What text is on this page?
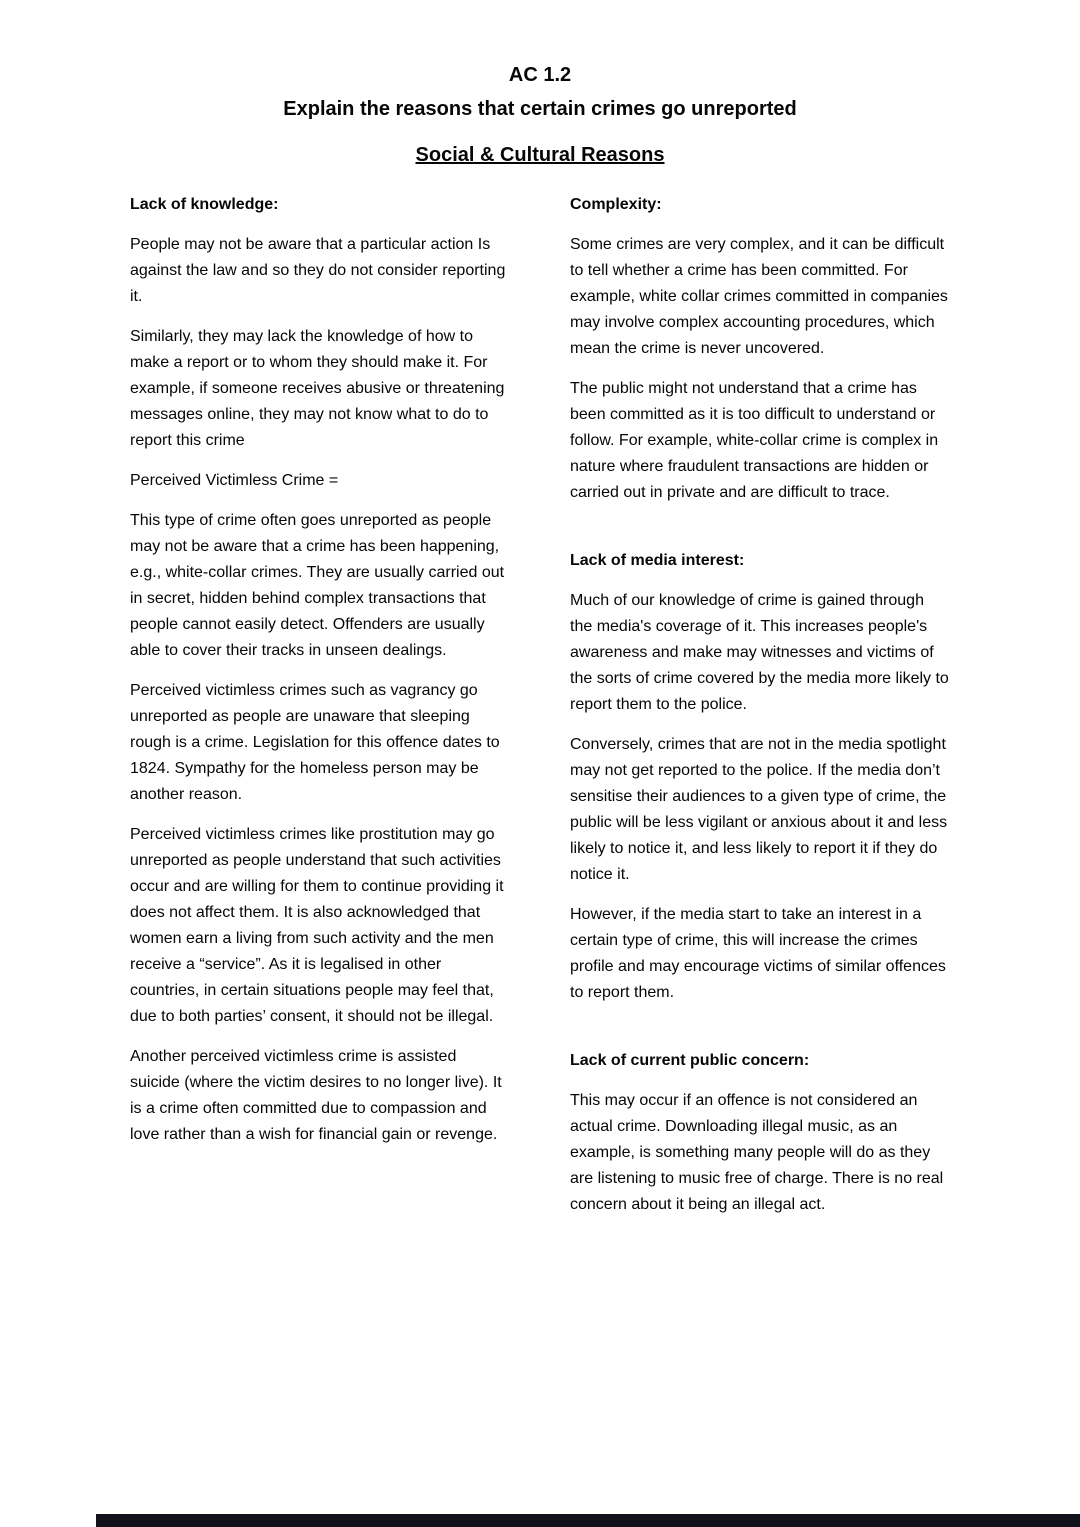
AC 1.2
Explain the reasons that certain crimes go unreported
Social & Cultural Reasons
Lack of knowledge:

People may not be aware that a particular action Is against the law and so they do not consider reporting it.

Similarly, they may lack the knowledge of how to make a report or to whom they should make it. For example, if someone receives abusive or threatening messages online, they may not know what to do to report this crime

Perceived Victimless Crime =

This type of crime often goes unreported as people may not be aware that a crime has been happening, e.g., white-collar crimes. They are usually carried out in secret, hidden behind complex transactions that people cannot easily detect. Offenders are usually able to cover their tracks in unseen dealings.

Perceived victimless crimes such as vagrancy go unreported as people are unaware that sleeping rough is a crime. Legislation for this offence dates to 1824. Sympathy for the homeless person may be another reason.

Perceived victimless crimes like prostitution may go unreported as people understand that such activities occur and are willing for them to continue providing it does not affect them. It is also acknowledged that women earn a living from such activity and the men receive a “service”. As it is legalised in other countries, in certain situations people may feel that, due to both parties’ consent, it should not be illegal.

Another perceived victimless crime is assisted suicide (where the victim desires to no longer live). It is a crime often committed due to compassion and love rather than a wish for financial gain or revenge.

Complexity:

Some crimes are very complex, and it can be difficult to tell whether a crime has been committed. For example, white collar crimes committed in companies may involve complex accounting procedures, which mean the crime is never uncovered.

The public might not understand that a crime has been committed as it is too difficult to understand or follow. For example, white-collar crime is complex in nature where fraudulent transactions are hidden or carried out in private and are difficult to trace.

Lack of media interest:

Much of our knowledge of crime is gained through the media's coverage of it. This increases people's awareness and make may witnesses and victims of the sorts of crime covered by the media more likely to report them to the police.

Conversely, crimes that are not in the media spotlight may not get reported to the police. If the media don’t sensitise their audiences to a given type of crime, the public will be less vigilant or anxious about it and less likely to notice it, and less likely to report it if they do notice it.

However, if the media start to take an interest in a certain type of crime, this will increase the crimes profile and may encourage victims of similar offences to report them.

Lack of current public concern:

This may occur if an offence is not considered an actual crime. Downloading illegal music, as an example, is something many people will do as they are listening to music free of charge. There is no real concern about it being an illegal act.
